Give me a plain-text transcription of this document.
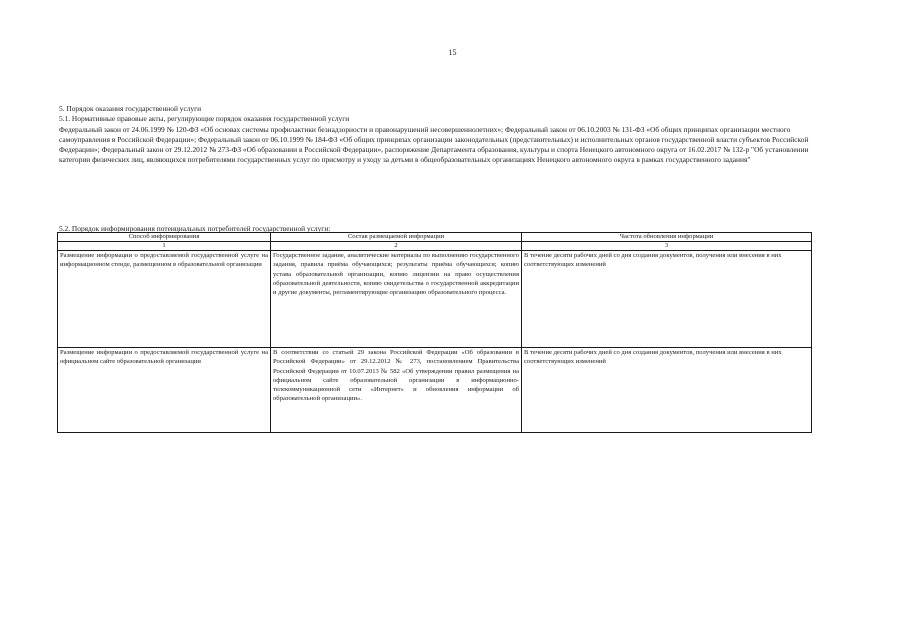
15

5. Порядок оказания государственной услуги

5.1. Нормативные правовые акты, регулирующие порядок оказания государственной услуги

Федеральный закон от 24.06.1999 № 120-ФЗ «Об основах системы профилактики безнадзорности и правонарушений несовершеннолетних»; Федеральный закон от 06.10.2003 № 131-ФЗ «Об общих принципах организации местного самоуправления в Российской Федерации»; Федеральный закон от 06.10.1999 № 184-ФЗ «Об общих принципах организации законодательных (представительных) и исполнительных органов государственной власти субъектов Российской Федерации»; Федеральный закон от 29.12.2012 № 273-ФЗ «Об образовании в Российской Федерации», распоряжение Департамента образования, культуры и спорта Ненецкого автономного округа от 16.02.2017 № 132-р "Об установлении категории физических лиц, являющихся потребителями государственных услуг по присмотру и уходу за детьми в общеобразовательных организациях Ненецкого автономного округа в рамках государственного задания"

5.2. Порядок информирования потенциальных потребителей государственной услуги:
Способ информирования	Состав размещаемой информации	Частота обновления информации
1	2	3
Размещение информации о предоставляемой государственной услуге на информационном стенде, размещенном в образовательной организации	Государственное задание, аналитические материалы по выполнению государственного задания, правила приёма обучающихся; результаты приёма обучающихся; копию устава образовательной организации, копию лицензии на право осуществления образовательной деятельности, копию свидетельства о государственной аккредитации и другие документы, регламентирующие организацию образовательного процесса.	В течение десяти рабочих дней со дня создания документов, получения или внесения в них соответствующих изменений
Размещение информации о предоставляемой государственной услуге на официальном сайте образовательной организации	В соответствии со статьей 29 закона Российской Федерации «Об образовании в Российской Федерации» от 29.12.2012 № 273, постановлением Правительства Российской Федерации от 10.07.2013 № 582 «Об утверждении правил размещения на официальном сайте образовательной организации в информационно-телекоммуникационной сети «Интернет» и обновления информации об образовательной организации».	В течение десяти рабочих дней со дня создания документов, получения или внесения в них соответствующих изменений
